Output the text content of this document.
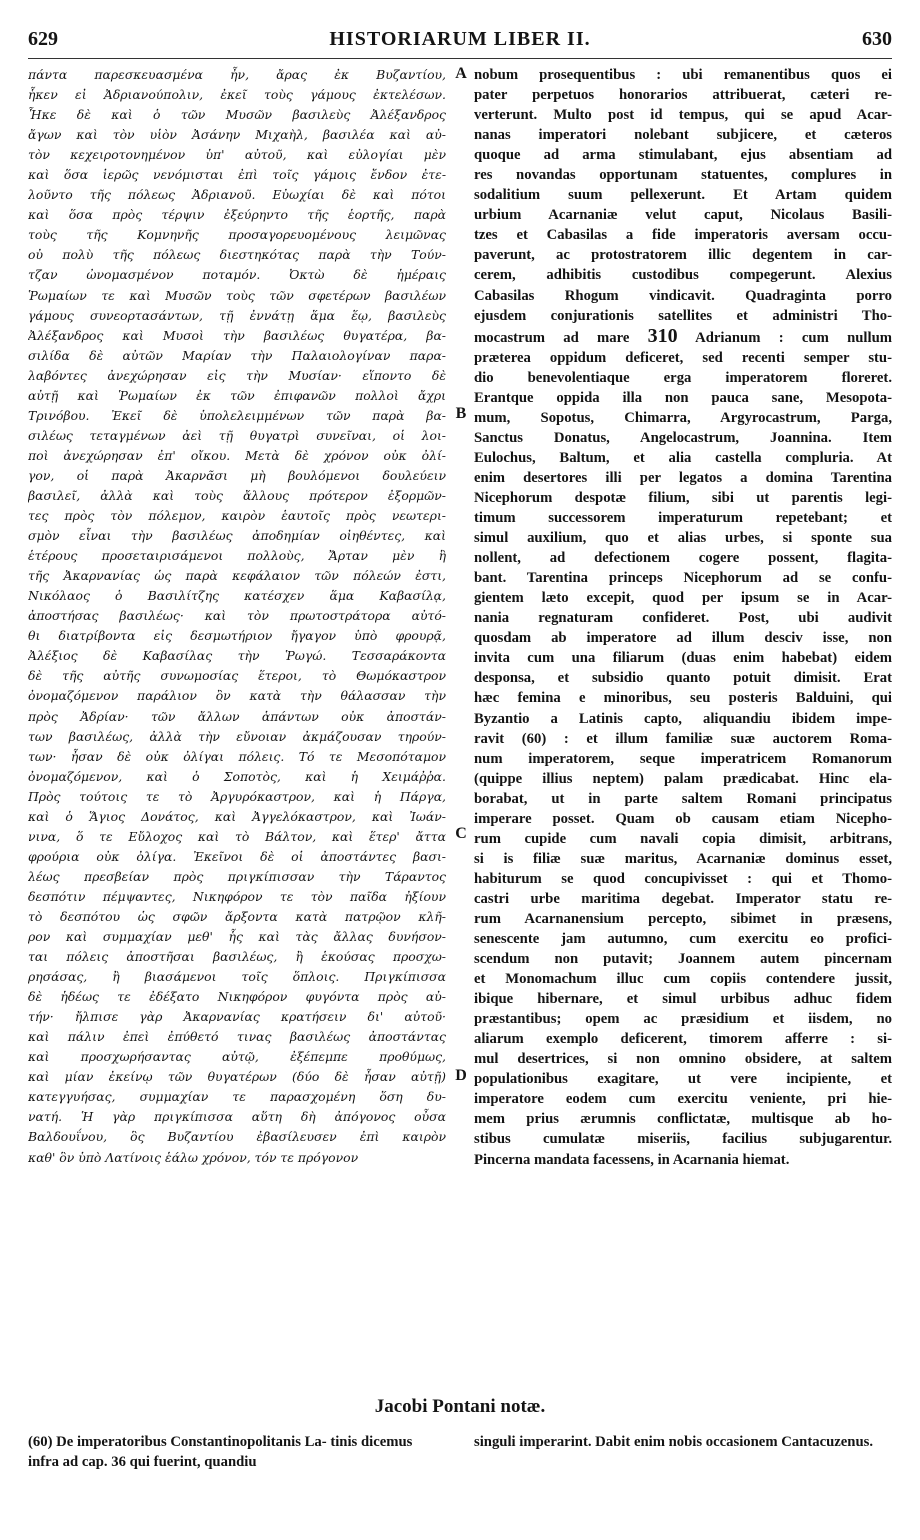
629	HISTORIARUM LIBER II.	630
πάντα παρεσκευασμένα ἦν, ἄρας ἐκ Βυζαντίου,
ἧκεν εἰ Ἀδριανούπολιν, ἐκεῖ τοὺς γάμους ἐκτελέσων.
Ἧκε δὲ καὶ ὁ τῶν Μυσῶν βασιλεὺς Ἀλέξανδρος
ἄγων καὶ τὸν υἱὸν Ἀσάνην Μιχαὴλ, βασιλέα καὶ αὐ-
τὸν κεχειροτονημένον ὑπ' αὐτοῦ, καὶ εὐλογίαι μὲν
καὶ ὅσα ἱερῶς νενόμισται ἐπὶ τοῖς γάμοις ἔνδον ἐτε-
λοῦντο τῆς πόλεως Ἀδριανοῦ. Εὐωχίαι δὲ καὶ πότοι
καὶ ὅσα πρὸς τέρψιν ἐξεύρηντο τῆς ἑορτῆς, παρὰ
τοὺς τῆς Κομνηνῆς προσαγορευομένους λειμῶνας
οὐ πολὺ τῆς πόλεως διεστηκότας παρὰ τὴν Τούν-
τζαν ὠνομασμένον ποταμόν. Ὀκτὼ δὲ ἡμέραις
Ῥωμαίων τε καὶ Μυσῶν τοὺς τῶν σφετέρων βασιλέων
γάμους συνεορτασάντων, τῇ ἐννάτῃ ἅμα ἕῳ, βασιλεὺς
Ἀλέξανδρος καὶ Μυσοὶ τὴν βασιλέως θυγατέρα, βα-
σιλίδα δὲ αὐτῶν Μαρίαν τὴν Παλαιολογίναν παρα-
λαβόντες ἀνεχώρησαν εἰς τὴν Μυσίαν· εἵποντο δὲ
αὐτῇ καὶ Ῥωμαίων ἐκ τῶν ἐπιφανῶν πολλοὶ ἄχρι
Τρινόβου. Ἐκεῖ δὲ ὑπολελειμμένων τῶν παρὰ βα-
σιλέως τεταγμένων ἀεὶ τῇ θυγατρὶ συνεῖναι, οἱ λοι-
ποὶ ἀνεχώρησαν ἐπ' οἴκου. Μετὰ δὲ χρόνον οὐκ ὀλί-
γον, οἱ παρὰ Ἀκαρνᾶσι μὴ βουλόμενοι δουλεύειν
βασιλεῖ, ἀλλὰ καὶ τοὺς ἄλλους πρότερον ἐξορμῶν-
τες πρὸς τὸν πόλεμον, καιρὸν ἑαυτοῖς πρὸς νεωτερι-
σμὸν εἶναι τὴν βασιλέως ἀποδημίαν οἰηθέντες, καὶ
ἑτέρους προσεταιρισάμενοι πολλοὺς, Ἄρταν μὲν ἣ
τῆς Ἀκαρνανίας ὡς παρὰ κεφάλαιον τῶν πόλεών ἐστι,
Νικόλαος ὁ Βασιλίτζης κατέσχεν ἅμα Καβασίλᾳ,
ἀποστήσας βασιλέως· καὶ τὸν πρωτοστράτορα αὐτό-
θι διατρίβοντα εἰς δεσμωτήριον ἤγαγον ὑπὸ φρουρᾷ,
Ἀλέξιος δὲ Καβασίλας τὴν Ῥωγώ. Τεσσαράκοντα
δὲ τῆς αὐτῆς συνωμοσίας ἕτεροι, τὸ Θωμόκαστρον
ὀνομαζόμενον παράλιον ὂν κατὰ τὴν θάλασσαν τὴν
πρὸς Ἀδρίαν· τῶν ἄλλων ἁπάντων οὐκ ἀποστάν-
των βασιλέως, ἀλλὰ τὴν εὔνοιαν ἀκμάζουσαν τηρούν-
των· ἦσαν δὲ οὐκ ὀλίγαι πόλεις. Τό τε Μεσοπόταμον
ὀνομαζόμενον, καὶ ὁ Σοποτὸς, καὶ ἡ Χειμάῤῥα.
Πρὸς τούτοις τε τὸ Ἀργυρόκαστρον, καὶ ἡ Πάργα,
καὶ ὁ Ἅγιος Δονάτος, καὶ Ἀγγελόκαστρον, καὶ Ἰωάν-
νινα, ὅ τε Εὔλοχος καὶ τὸ Βάλτον, καὶ ἕτερ' ἄττα
φρούρια οὐκ ὀλίγα. Ἐκεῖνοι δὲ οἱ ἀποστάντες βασι-
λέως πρεσβείαν πρὸς πριγκίπισσαν τὴν Τάραντος
δεσπότιν πέμψαντες, Νικηφόρον τε τὸν παῖδα ἠξίουν
τὸ δεσπότου ὡς σφῶν ἄρξοντα κατὰ πατρῷον κλῆ-
ρον καὶ συμμαχίαν μεθ' ἧς καὶ τὰς ἄλλας δυνήσον-
ται πόλεις ἀποστῆσαι βασιλέως, ἢ ἑκούσας προσχω-
ρησάσας, ἢ βιασάμενοι τοῖς ὅπλοις. Πριγκίπισσα
δὲ ἡδέως τε ἐδέξατο Νικηφόρον φυγόντα πρὸς αὐ-
τήν· ἤλπισε γὰρ Ἀκαρνανίας κρατήσειν δι' αὐτοῦ·
καὶ πάλιν ἐπεὶ ἐπύθετό τινας βασιλέως ἀποστάντας
καὶ προσχωρήσαντας αὐτῷ, ἐξέπεμπε προθύμως,
καὶ μίαν ἐκείνῳ τῶν θυγατέρων (δύο δὲ ἦσαν αὐτῇ)
κατεγγυήσας, συμμαχίαν τε παρασχομένη ὅση δυ-
νατή. Ἡ γὰρ πριγκίπισσα αὕτη δὴ ἀπόγονος οὖσα
Βαλδουΐνου, ὃς Βυζαντίου ἐβασίλευσεν ἐπὶ καιρὸν
καθ' ὃν ὑπὸ Λατίνοις ἑάλω χρόνον, τόν τε πρόγονον
A
B
C
D
nobum prosequentibus : ubi remanentibus quos ei
pater perpetuos honorarios attribuerat, cæteri re-
verterunt. Multo post id tempus, qui se apud Acar-
nanas imperatori nolebant subjicere, et cæteros
quoque ad arma stimulabant, ejus absentiam ad
res novandas opportunam statuentes, complures in
sodalitium suum pellexerunt. Et Artam quidem
urbium Acarnaniæ velut caput, Nicolaus Basili-
tzes et Cabasilas a fide imperatoris aversam occu-
paverunt, ac protostratorem illic degentem in car-
cerem, adhibitis custodibus compegerunt. Alexius
Cabasilas Rhogum vindicavit. Quadraginta porro
ejusdem conjurationis satellites et administri Tho-
mocastrum ad mare 310 Adrianum : cum nullum
præterea oppidum deficeret, sed recenti semper stu-
dio benevolentiaque erga imperatorem floreret.
Erantque oppida illa non pauca sane, Mesopota-
mum, Sopotus, Chimarra, Argyrocastrum, Parga,
Sanctus Donatus, Angelocastrum, Joannina. Item
Eulochus, Baltum, et alia castella compluria. At
enim desertores illi per legatos a domina Tarentina
Nicephorum despotæ filium, sibi ut parentis legi-
timum successorem imperaturum repetebant; et
simul auxilium, quo et alias urbes, si sponte sua
nollent, ad defectionem cogere possent, flagita-
bant. Tarentina princeps Nicephorum ad se confu-
gientem læto excepit, quod per ipsum se in Acar-
nania regnaturam confideret. Post, ubi audivit
quosdam ab imperatore ad illum desciv isse, non
invita cum una filiarum (duas enim habebat) eidem
desponsa, et subsidio quanto potuit dimisit. Erat
hæc femina e minoribus, seu posteris Balduini, qui
Byzantio a Latinis capto, aliquandiu ibidem impe-
ravit (60) : et illum familiæ suæ auctorem Roma-
num imperatorem, seque imperatricem Romanorum
(quippe illius neptem) palam prædicabat. Hinc ela-
borabat, ut in parte saltem Romani principatus
imperare posset. Quam ob causam etiam Nicepho-
rum cupide cum navali copia dimisit, arbitrans,
si is filiæ suæ maritus, Acarnaniæ dominus esset,
habiturum se quod concupivisset : qui et Thomo-
castri urbe maritima degebat. Imperator statu re-
rum Acarnanensium percepto, sibimet in præsens,
senescente jam autumno, cum exercitu eo profici-
scendum non putavit; Joannem autem pincernam
et Monomachum illuc cum copiis contendere jussit,
ibique hibernare, et simul urbibus adhuc fidem
præstantibus; opem ac præsidium et iisdem, no
aliarum exemplo deficerent, timorem afferre : si-
mul desertrices, si non omnino obsidere, at saltem
populationibus exagitare, ut vere incipiente, et
imperatore eodem cum exercitu veniente, pri hie-
mem prius ærumnis conflictatæ, multisque ab ho-
stibus cumulatæ miseriis, facilius subjugarentur.
Pincerna mandata facessens, in Acarnania hiemat.
Jacobi Pontani notæ.
(60) De imperatoribus Constantinopolitanis La- tinis dicemus infra ad cap. 36 qui fuerint, quandiu
singuli imperarint. Dabit enim nobis occasionem Cantacuzenus.
